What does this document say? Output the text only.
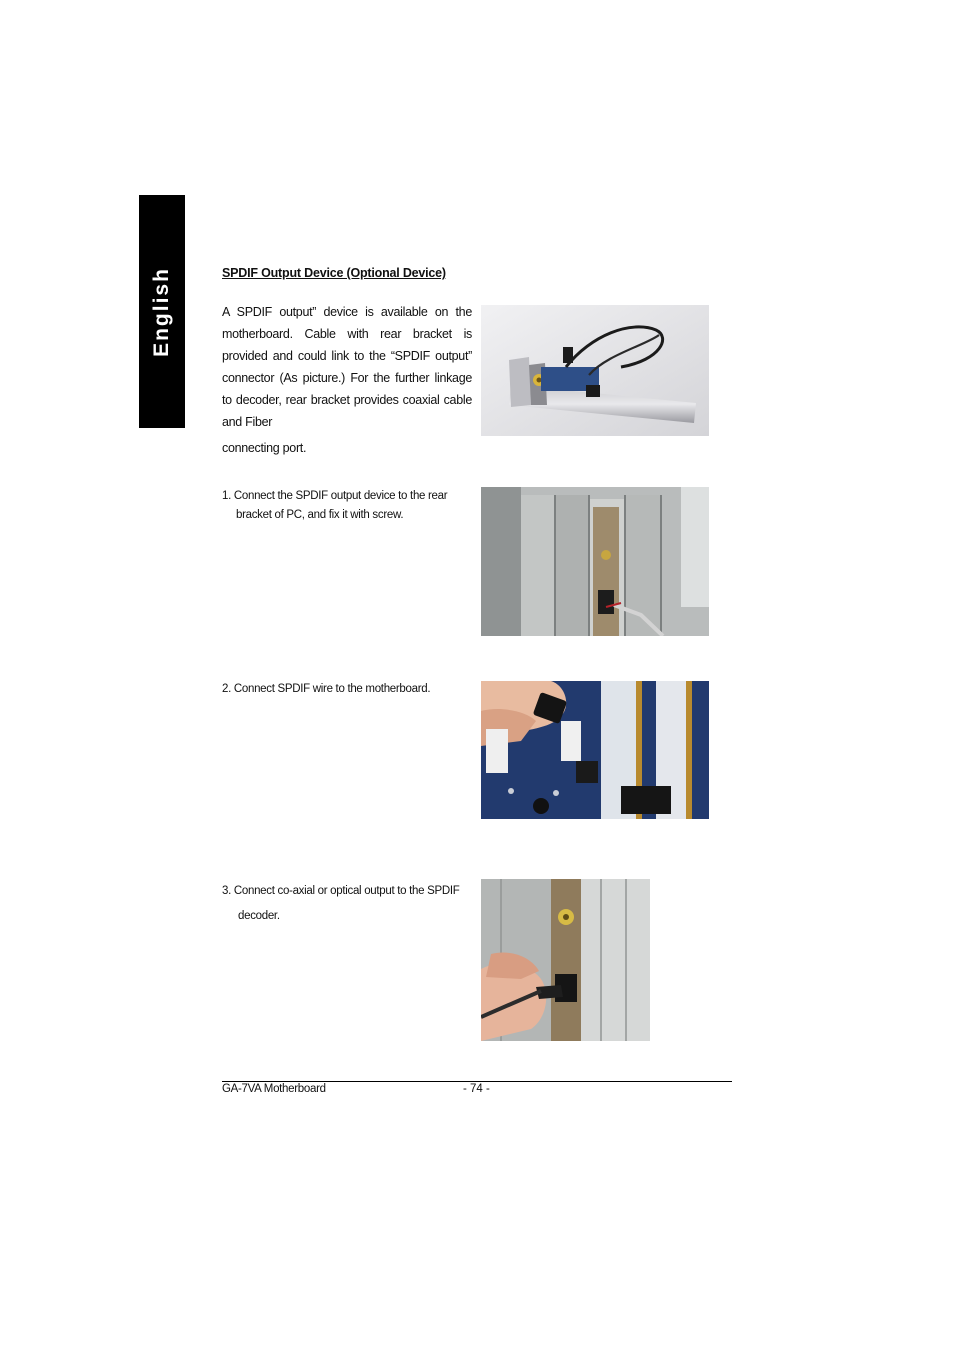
English	SPDIF Output Device (Optional Device)

A SPDIF output” device is available on the motherboard. Cable with rear bracket is provided and could link to the “SPDIF output” connector (As picture.) For the further linkage to decoder, rear bracket provides coaxial cable and Fiber

connecting port.

1. Connect the SPDIF output device to the rear
bracket of PC, and fix it with screw.
2. Connect SPDIF wire to the motherboard.
3. Connect co-axial or optical output to the SPDIF
decoder.
GA-7VA Motherboard	- 74 -
